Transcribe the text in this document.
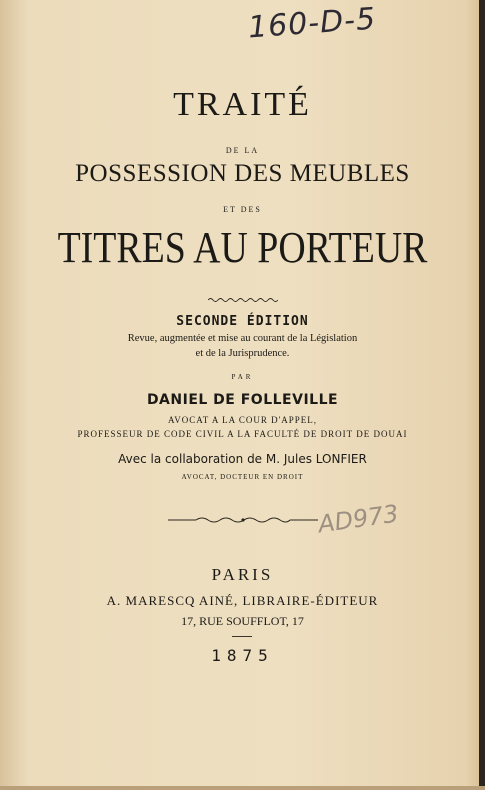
160-D-5
TRAITÉ
DE LA
POSSESSION DES MEUBLES
ET DES
TITRES AU PORTEUR
SECONDE ÉDITION
Revue, augmentée et mise au courant de la Législation
et de la Jurisprudence.
PAR
DANIEL DE FOLLEVILLE
AVOCAT A LA COUR D'APPEL,
PROFESSEUR DE CODE CIVIL A LA FACULTÉ DE DROIT DE DOUAI
Avec la collaboration de M. Jules LONFIER
AVOCAT, DOCTEUR EN DROIT
AD973
PARIS
A. MARESCQ AINÉ, LIBRAIRE-ÉDITEUR
17, RUE SOUFFLOT, 17
1875
